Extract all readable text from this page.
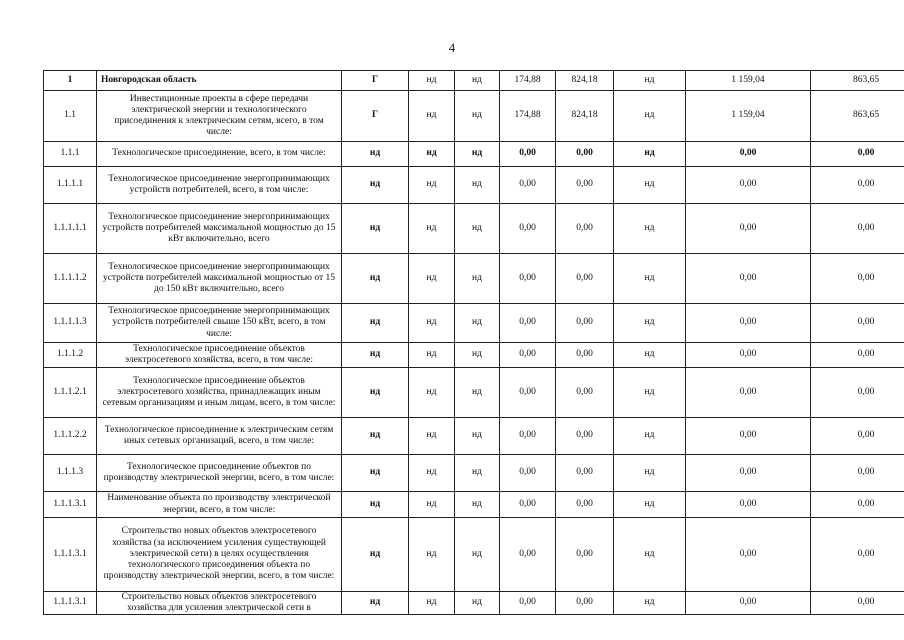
4
1	Новгородская область	Г	нд	нд	174,88	824,18	нд	1 159,04	863,65
1.1	Инвестиционные проекты в сфере передачи электрической энергии и технологического присоединения к электрическим сетям, всего, в том числе:	Г	нд	нд	174,88	824,18	нд	1 159,04	863,65
1.1.1	Технологическое присоединение, всего, в том числе:	нд	нд	нд	0,00	0,00	нд	0,00	0,00
1.1.1.1	Технологическое присоединение энергопринимающих устройств потребителей, всего, в том числе:	нд	нд	нд	0,00	0,00	нд	0,00	0,00
1.1.1.1.1	Технологическое присоединение энергопринимающих устройств потребителей максимальной мощностью до 15 кВт включительно, всего	нд	нд	нд	0,00	0,00	нд	0,00	0,00
1.1.1.1.2	Технологическое присоединение энергопринимающих устройств потребителей максимальной мощностью от 15 до 150 кВт включительно, всего	нд	нд	нд	0,00	0,00	нд	0,00	0,00
1.1.1.1.3	Технологическое присоединение энергопринимающих устройств потребителей свыше 150 кВт, всего, в том числе:	нд	нд	нд	0,00	0,00	нд	0,00	0,00
1.1.1.2	Технологическое присоединение объектов электросетевого хозяйства, всего, в том числе:	нд	нд	нд	0,00	0,00	нд	0,00	0,00
1.1.1.2.1	Технологическое присоединение объектов электросетевого хозяйства, принадлежащих иным сетевым организациям и иным лицам, всего, в том числе:	нд	нд	нд	0,00	0,00	нд	0,00	0,00
1.1.1.2.2	Технологическое присоединение к электрическим сетям иных сетевых организаций, всего, в том числе:	нд	нд	нд	0,00	0,00	нд	0,00	0,00
1.1.1.3	Технологическое присоединение объектов по производству электрической энергии, всего, в том числе:	нд	нд	нд	0,00	0,00	нд	0,00	0,00
1.1.1.3.1	Наименование объекта по производству электрической энергии, всего, в том числе:	нд	нд	нд	0,00	0,00	нд	0,00	0,00
1.1.1.3.1	Строительство новых объектов электросетевого хозяйства (за исключением усиления существующей электрической сети) в целях осуществления технологического присоединения объекта по производству электрической энергии, всего, в том числе:	нд	нд	нд	0,00	0,00	нд	0,00	0,00
1.1.1.3.1	Строительство новых объектов электросетевого хозяйства для усиления электрической сети в	нд	нд	нд	0,00	0,00	нд	0,00	0,00
